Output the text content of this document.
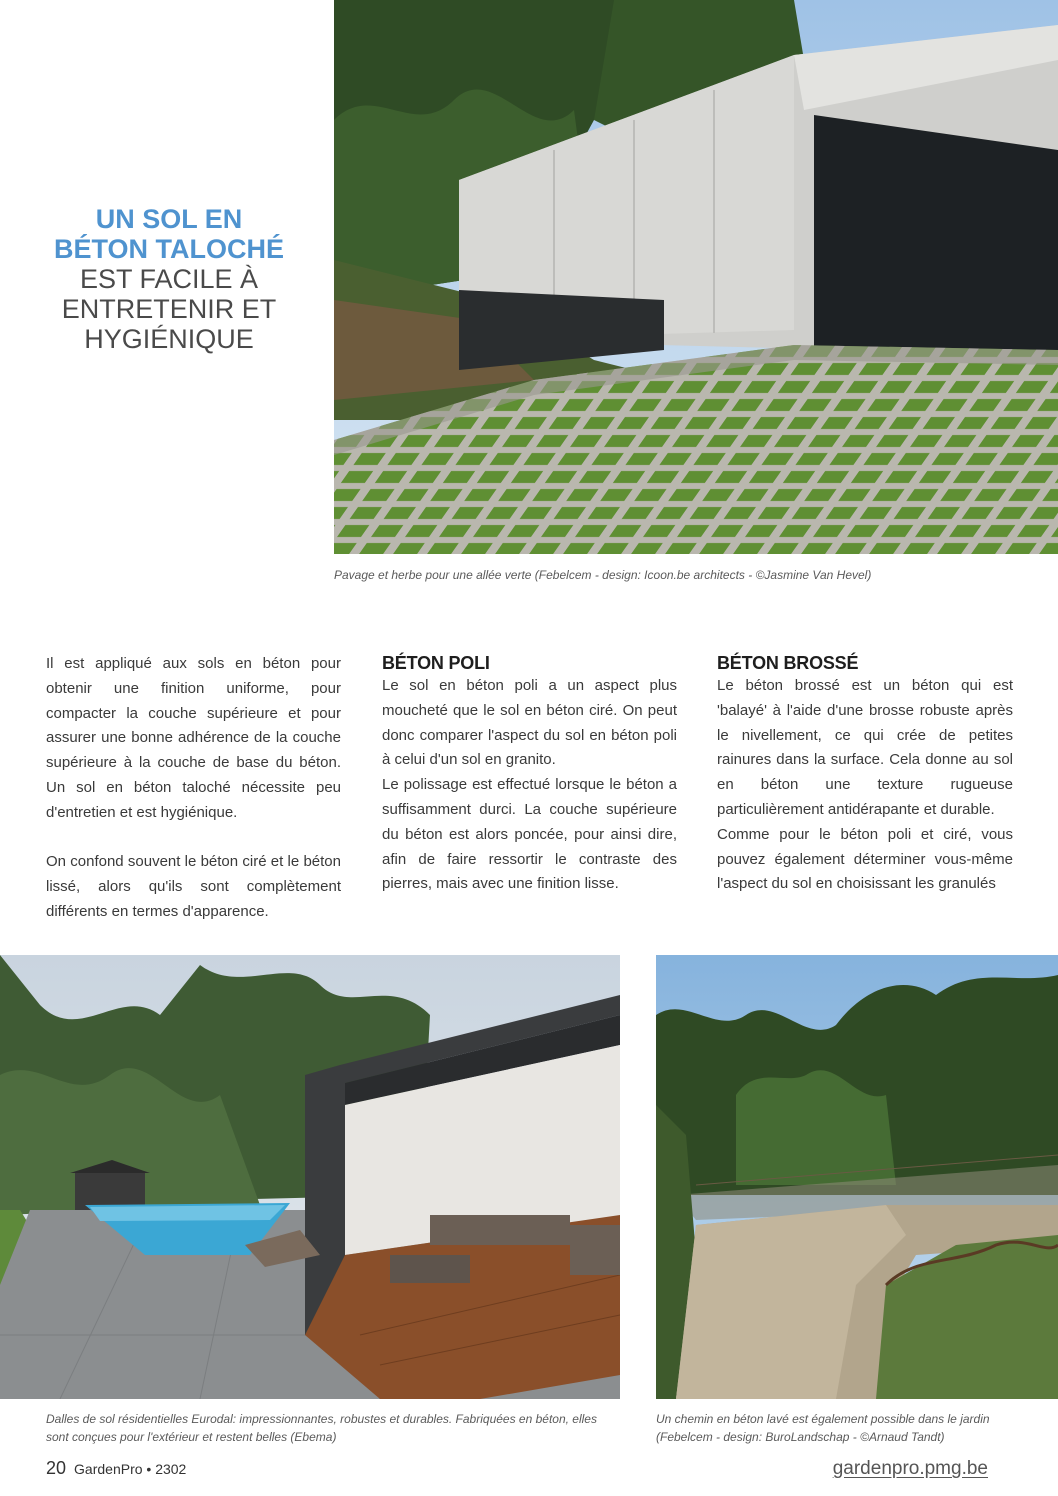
UN SOL EN
BÉTON TALOCHÉ
EST FACILE À
ENTRETENIR ET
HYGIÉNIQUE
Pavage et herbe pour une allée verte (Febelcem - design: Icoon.be architects - ©Jasmine Van Hevel)

Il est appliqué aux sols en béton pour obtenir une finition uniforme, pour compacter la couche supérieure et pour assurer une bonne adhérence de la couche supérieure à la couche de base du béton. Un sol en béton taloché nécessite peu d'entretien et est hygiénique.

On confond souvent le béton ciré et le béton lissé, alors qu'ils sont complètement différents en termes d'apparence.

BÉTON POLI

Le sol en béton poli a un aspect plus moucheté que le sol en béton ciré. On peut donc comparer l'aspect du sol en béton poli à celui d'un sol en granito.

Le polissage est effectué lorsque le béton a suffisamment durci. La couche supérieure du béton est alors poncée, pour ainsi dire, afin de faire ressortir le contraste des pierres, mais avec une finition lisse.

BÉTON BROSSÉ

Le béton brossé est un béton qui est 'balayé' à l'aide d'une brosse robuste après le nivellement, ce qui crée de petites rainures dans la surface. Cela donne au sol en béton une texture rugueuse particulièrement antidérapante et durable.

Comme pour le béton poli et ciré, vous pouvez également déterminer vous-même l'aspect du sol en choisissant les granulés

Dalles de sol résidentielles Eurodal: impressionnantes, robustes et durables. Fabriquées en béton, elles sont conçues pour l'extérieur et restent belles (Ebema)
Un chemin en béton lavé est également possible dans le jardin (Febelcem - design: BuroLandschap - ©Arnaud Tandt)
20 GardenPro • 2302	gardenpro.pmg.be
